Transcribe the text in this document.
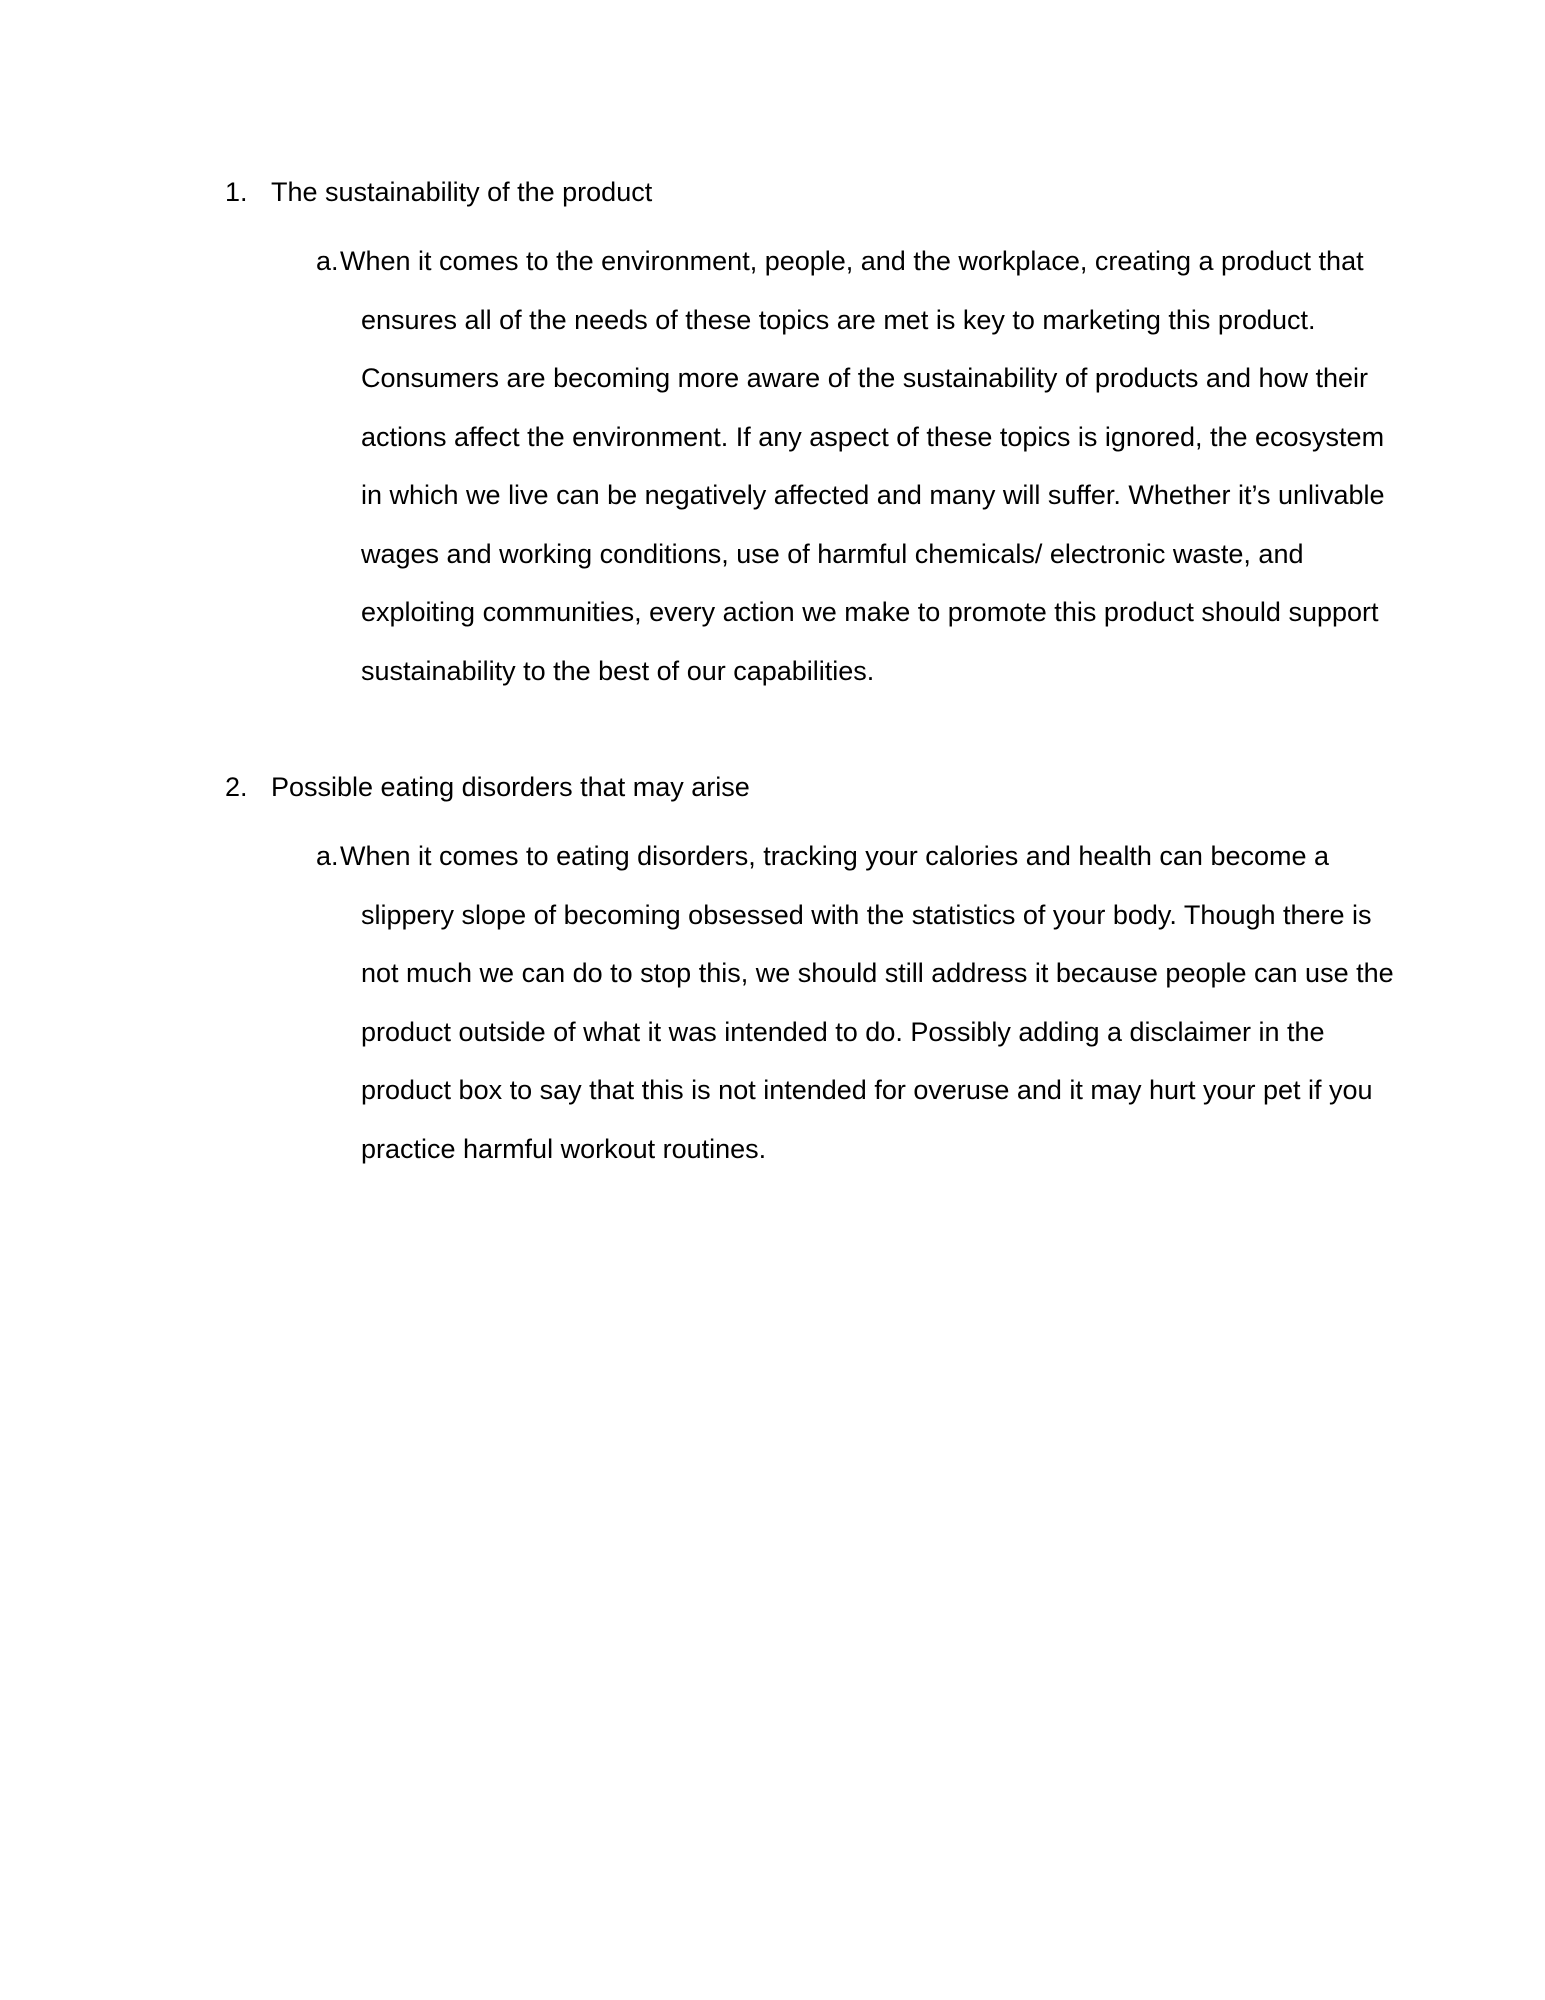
1. The sustainability of the product
a. When it comes to the environment, people, and the workplace, creating a product that ensures all of the needs of these topics are met is key to marketing this product. Consumers are becoming more aware of the sustainability of products and how their actions affect the environment. If any aspect of these topics is ignored, the ecosystem in which we live can be negatively affected and many will suffer. Whether it’s unlivable wages and working conditions, use of harmful chemicals/ electronic waste, and exploiting communities, every action we make to promote this product should support sustainability to the best of our capabilities.

2. Possible eating disorders that may arise
a. When it comes to eating disorders, tracking your calories and health can become a slippery slope of becoming obsessed with the statistics of your body. Though there is not much we can do to stop this, we should still address it because people can use the product outside of what it was intended to do. Possibly adding a disclaimer in the product box to say that this is not intended for overuse and it may hurt your pet if you practice harmful workout routines.
